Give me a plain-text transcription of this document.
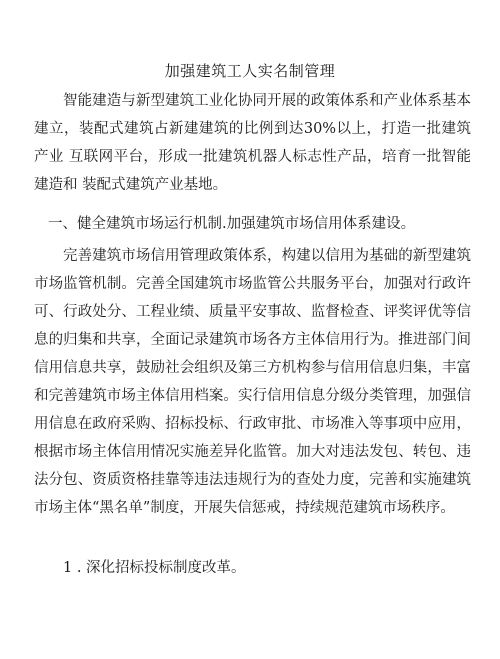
加强建筑工人实名制管理

智能建造与新型建筑工业化协同开展的政策体系和产业体系基本 建立，装配式建筑占新建建筑的比例到达30%以上，打造一批建筑产业 互联网平台，形成一批建筑机器人标志性产品，培育一批智能建造和 装配式建筑产业基地。

一、健全建筑市场运行机制.加强建筑市场信用体系建设。

完善建筑市场信用管理政策体系，构建以信用为基础的新型建筑 市场监管机制。完善全国建筑市场监管公共服务平台，加强对行政许 可、行政处分、工程业绩、质量平安事故、监督检查、评奖评优等信 息的归集和共享，全面记录建筑市场各方主体信用行为。推进部门间 信用信息共享，鼓励社会组织及第三方机构参与信用信息归集，丰富 和完善建筑市场主体信用档案。实行信用信息分级分类管理，加强信 用信息在政府采购、招标投标、行政审批、市场准入等事项中应用， 根据市场主体信用情况实施差异化监管。加大对违法发包、转包、违 法分包、资质资格挂靠等违法违规行为的查处力度，完善和实施建筑 市场主体“黑名单”制度，开展失信惩戒，持续规范建筑市场秩序。

1 . 深化招标投标制度改革。
